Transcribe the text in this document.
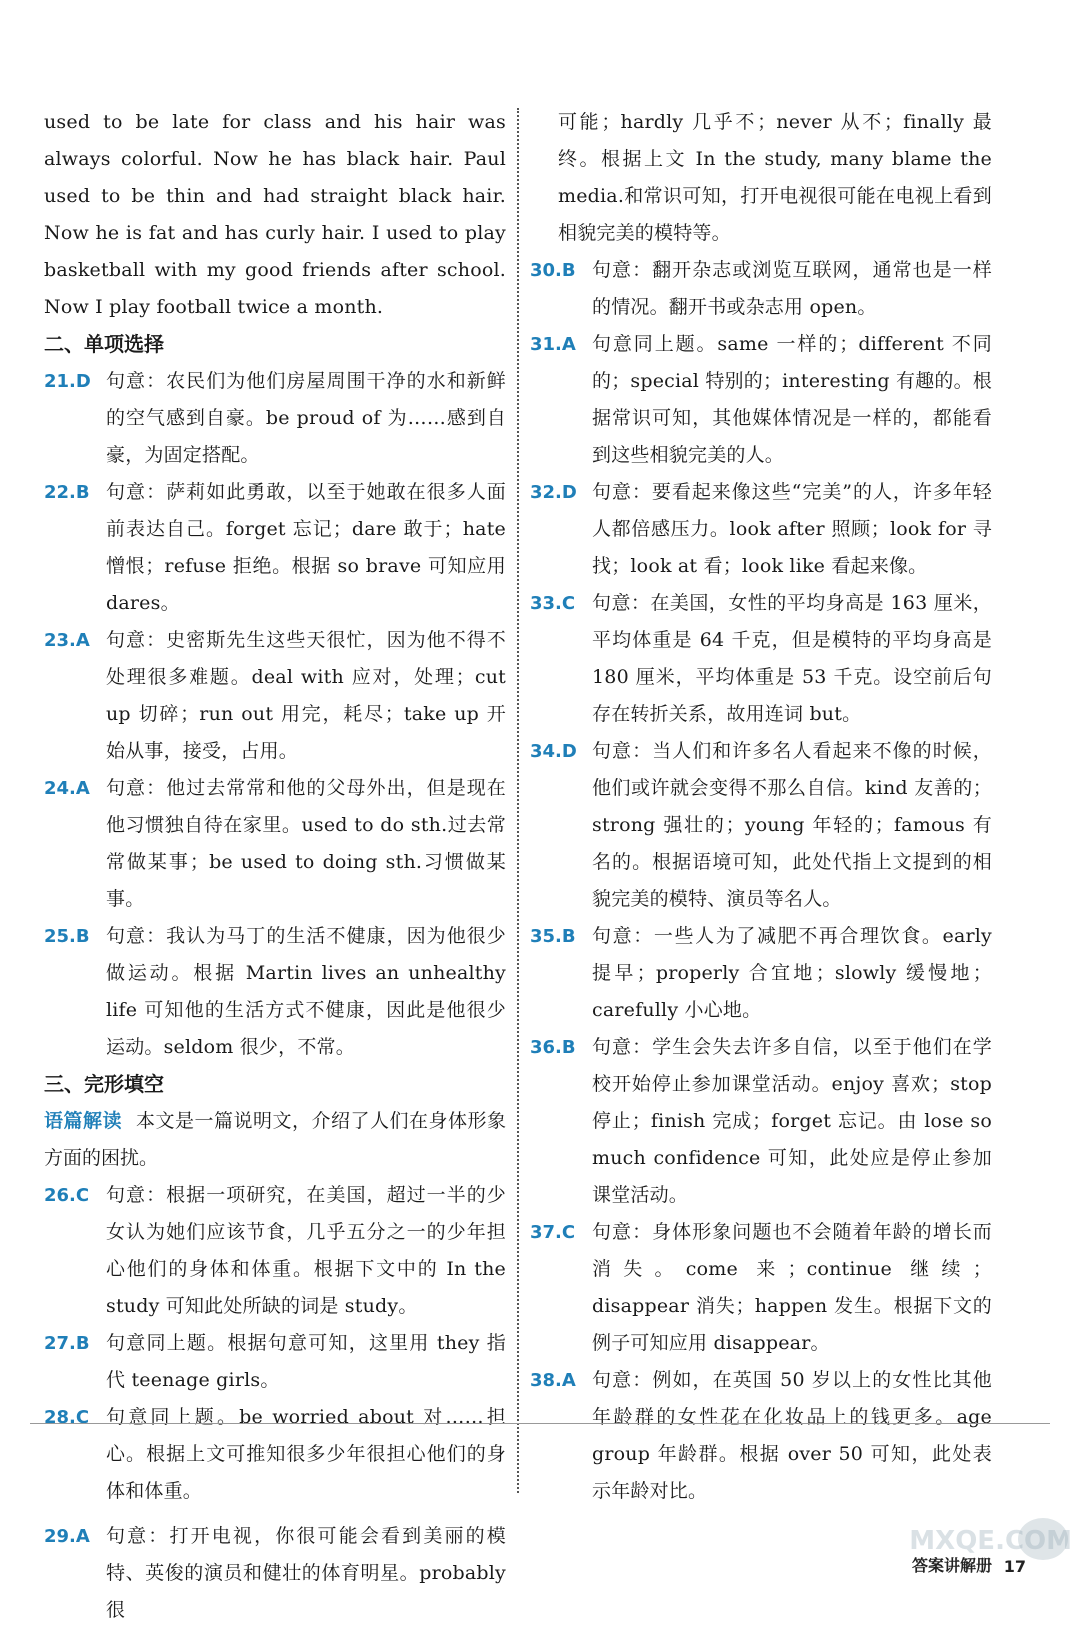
used to be late for class and his hair was always colorful. Now he has black hair. Paul used to be thin and had straight black hair. Now he is fat and has curly hair. I used to play basketball with my good friends after school. Now I play football twice a month.

二、单项选择

21.D 句意：农民们为他们房屋周围干净的水和新鲜的空气感到自豪。be proud of 为……感到自豪，为固定搭配。
22.B 句意：萨莉如此勇敢，以至于她敢在很多人面前表达自己。forget 忘记；dare 敢于；hate 憎恨；refuse 拒绝。根据 so brave 可知应用 dares。
23.A 句意：史密斯先生这些天很忙，因为他不得不处理很多难题。deal with 应对，处理；cut up 切碎；run out 用完，耗尽；take up 开始从事，接受，占用。
24.A 句意：他过去常常和他的父母外出，但是现在他习惯独自待在家里。used to do sth.过去常常做某事；be used to doing sth.习惯做某事。
25.B 句意：我认为马丁的生活不健康，因为他很少做运动。根据 Martin lives an unhealthy life 可知他的生活方式不健康，因此是他很少运动。seldom 很少，不常。

三、完形填空

语篇解读 本文是一篇说明文，介绍了人们在身体形象方面的困扰。

26.C 句意：根据一项研究，在美国，超过一半的少女认为她们应该节食，几乎五分之一的少年担心他们的身体和体重。根据下文中的 In the study 可知此处所缺的词是 study。
27.B 句意同上题。根据句意可知，这里用 they 指代 teenage girls。
28.C 句意同上题。be worried about 对……担心。根据上文可推知很多少年很担心他们的身体和体重。
29.A 句意：打开电视，你很可能会看到美丽的模特、英俊的演员和健壮的体育明星。probably 很

可能；hardly 几乎不；never 从不；finally 最终。根据上文 In the study, many blame the media.和常识可知，打开电视很可能在电视上看到相貌完美的模特等。

30.B 句意：翻开杂志或浏览互联网，通常也是一样的情况。翻开书或杂志用 open。
31.A 句意同上题。same 一样的；different 不同的；special 特别的；interesting 有趣的。根据常识可知，其他媒体情况是一样的，都能看到这些相貌完美的人。
32.D 句意：要看起来像这些“完美”的人，许多年轻人都倍感压力。look after 照顾；look for 寻找；look at 看；look like 看起来像。
33.C 句意：在美国，女性的平均身高是 163 厘米，平均体重是 64 千克，但是模特的平均身高是 180 厘米，平均体重是 53 千克。设空前后句存在转折关系，故用连词 but。
34.D 句意：当人们和许多名人看起来不像的时候，他们或许就会变得不那么自信。kind 友善的；strong 强壮的；young 年轻的；famous 有名的。根据语境可知，此处代指上文提到的相貌完美的模特、演员等名人。
35.B 句意：一些人为了减肥不再合理饮食。early 提早；properly 合宜地；slowly 缓慢地；carefully 小心地。
36.B 句意：学生会失去许多自信，以至于他们在学校开始停止参加课堂活动。enjoy 喜欢；stop 停止；finish 完成；forget 忘记。由 lose so much confidence 可知，此处应是停止参加课堂活动。
37.C 句意：身体形象问题也不会随着年龄的增长而消失。come 来；continue 继续；disappear 消失；happen 发生。根据下文的例子可知应用 disappear。
38.A 句意：例如，在英国 50 岁以上的女性比其他年龄群的女性花在化妆品上的钱更多。age group 年龄群。根据 over 50 可知，此处表示年龄对比。
MXQE.COM
答案讲解册 17
